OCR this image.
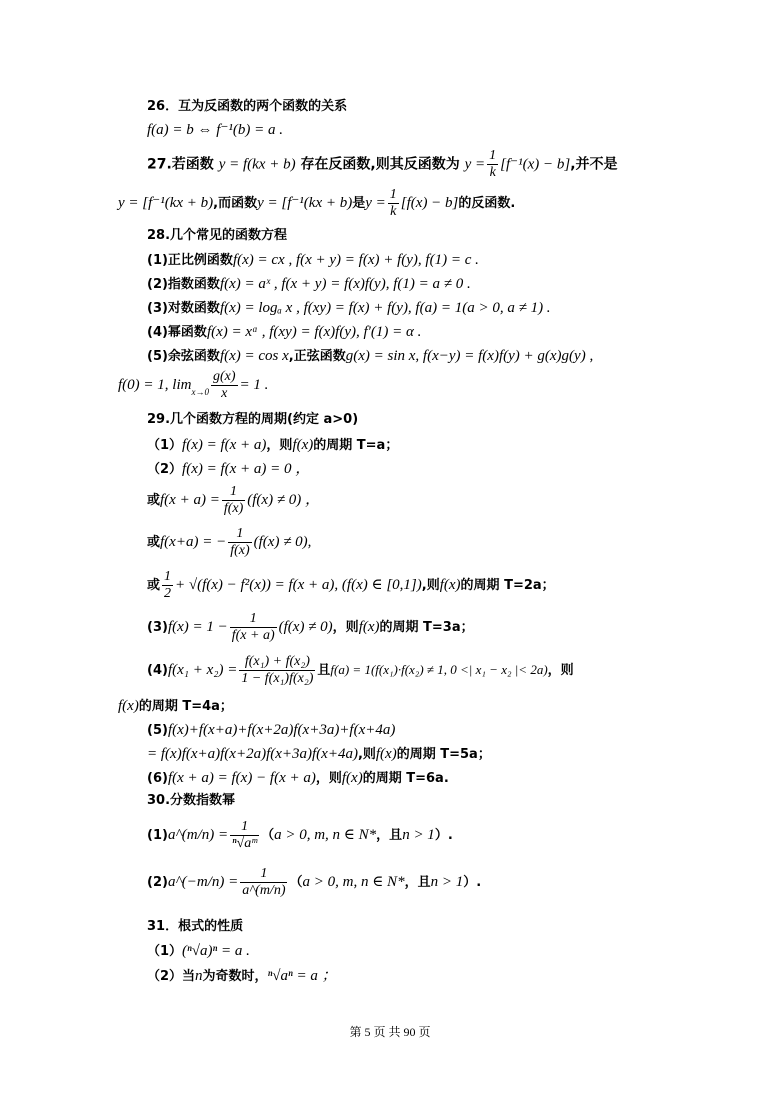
26．互为反函数的两个函数的关系
f(a) = b ⇔ f⁻¹(b) = a .
27.若函数 y = f(kx + b) 存在反函数,则其反函数为 $y = \frac{1}{k} [f^{-1}(x) - b]$,并不是
y = [f⁻¹(kx + b),而函数y = [f⁻¹(kx + b)是$y = \frac{1}{k} [f(x) - b]$的反函数.
28.几个常见的函数方程
(1)正比例函数f(x) = cx , f(x + y) = f(x) + f(y), f(1) = c .
(2)指数函数f(x) = aˣ , f(x + y) = f(x)f(y), f(1) = a ≠ 0 .
(3)对数函数f(x) = logₐ x , f(xy) = f(x) + f(y), f(a) = 1(a > 0, a ≠ 1) .
(4)幂函数f(x) = xᵅ , f(xy) = f(x)f(y), f′(1) = α .
(5)余弦函数f(x) = cos x,正弦函数g(x) = sin x, f(x−y) = f(x)f(y) + g(x)g(y) ,
f(0) = 1, $\lim_{x\to 0} \frac{g(x)}{x} = 1$ .
29.几个函数方程的周期(约定 a>0)
（1）f(x) = f(x + a)，则f(x)的周期 T=a；
（2）f(x) = f(x + a) = 0 ，
或$f(x + a) = \frac{1}{f(x)} (f(x) \ne 0)$ ，
或f(x+a) = − $\frac{1}{f(x)} (f(x) \ne 0)$,
或 $\frac{1}{2} + √(f(x) - f^2(x)) = f(x + a)$, (f(x) ∈ [0,1]),则f(x)的周期 T=2a；
$(3)f(x) = 1 - \frac{1}{f(x + a)} (f(x) \ne 0)$，则f(x)的周期 T=3a；
$(4)f(x_1 + x_2) = \frac{\text{f(x₁) + f(x₂)}}{\text{1 − f(x₁)f(x₂)}}$ 且f(a) = 1(f(x₁)·f(x₂) ≠ 1, 0 <| x₁ − x₂ |< 2a)，则
f(x)的周期 T=4a；
(5)f(x)+f(x+a)+f(x+2a)f(x+3a)+f(x+4a)
= f(x)f(x+a)f(x+2a)f(x+3a)f(x+4a),则f(x)的周期 T=5a；
(6)f(x + a) = f(x) − f(x + a)，则f(x)的周期 T=6a.
30.分数指数幂
(1)a^(m/n) = $\frac{1}{\text{ⁿ√aᵐ}} (a > 0$, m, n ∈ N*，且n > 1）.
(2)a^(−m/n) = $\frac{1}{a\^{}(m/n)} (a > 0$, m, n ∈ N*，且n > 1）.
31．根式的性质
（1）(ⁿ√a)ⁿ = a .
（2）当n为奇数时，ⁿ√aⁿ = a ；
第 5 页 共 90 页
